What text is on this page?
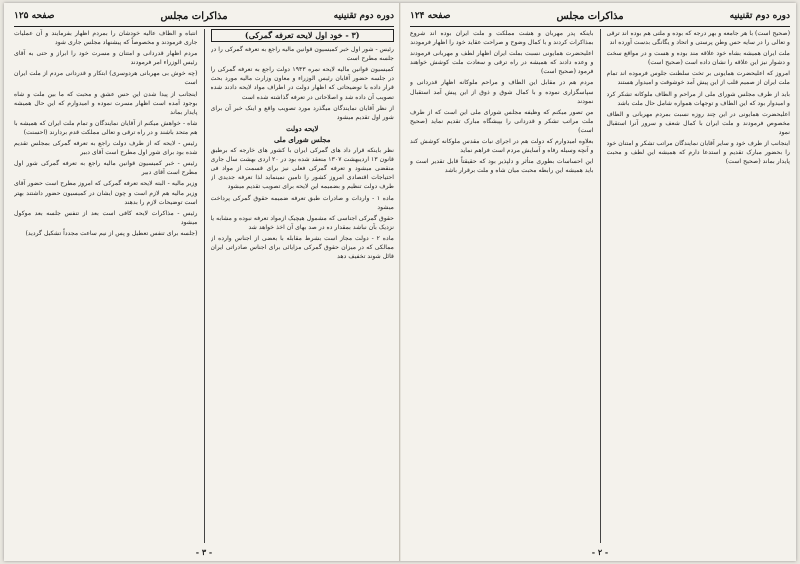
دوره دوم تقنینیه
مذاکرات مجلس
صفحه ۱۲۵
(۳ - خود اول لایحه تعرفه گمرکی)

رئیس - شور اول خبر کمیسیون قوانین مالیه راجع به تعرفه گمرکی را در جلسه مطرح است

کمیسیون قوانین مالیه لایحه نمره ۱۹۴۳ دولت راجع به تعرفه گمرکی را در جلسه حضور آقایان رئیس الوزراء و معاون وزارت مالیه مورد بحث قرار داده با توضیحاتی که اظهار دولت در اطراف مواد لایحه دادند شده تصویب آن داده شد و اصلاحاتی در تعرفه گذاشته شده است

از نظر آقایان نمایندگان میگذرد مورد تصویب واقع و اینک خبر آن برای شور اول تقدیم میشود

لایحه دولت
مجلس شورای ملی

نظر باینکه قرار داد های گمرکی ایران با کشور های خارجه که برطبق قانون ۱۳ اردیبهشت ۱۳۰۷ منعقد شده بود در ۲۰ اردی بهشت سال جاری منقضی میشود و تعرفه گمرکی فعلی نیز برای قسمت از مواد فی احتیاجات اقتصادی امروز کشور را تامین نمینماید لذا تعرفه جدیدی از طرف دولت تنظیم و بضمیمه این لایحه برای تصویب تقدیم میشود

ماده ۱ - واردات و صادرات طبق تعرفه ضمیمه حقوق گمرکی پرداخت میشود

حقوق گمرکی اجناسی که مشمول هیچیک ازمواد تعرفه نبوده و مشابه یا نزدیک بآن نباشد بمقدار ده در صد بهای آن اخذ خواهد شد

ماده ۲ - دولت مجاز است بشرط مقابله با بعضی از اجناس وارده از ممالکی که در میزان حقوق گمرکی مزایائی برای اجناس صادراتی ایران قائل شوند تخفیف دهد

انتباه و الطاف عالیه خودشان را بمردم اظهار بفرمایند و آن عملیات جاری فرمودند و مخصوصاً که پیشنهاد مجلس جاری شود

مردم اظهار قدردانی و امتنان و مسرت خود را ابراز و حتی به آقای رئیس الوزراء امر فرمودند

(چه خوش بی مهربانی هردوسری) ابتکار و قدردانی مردم از ملت ایران است

اینجانب از پیدا شدن این حس عشق و محبت که ما بین ملت و شاه بوجود آمده است اظهار مسرت نموده و امیدوارم که این حال همیشه پایدار بماند

شاه - خواهش میکنم از آقایان نمایندگان و تمام ملت ایران که همیشه با هم متحد باشند و در راه ترقی و تعالی مملکت قدم بردارند (احسنت)

رئیس - لایحه که از طرف دولت راجع به تعرفه گمرکی بمجلس تقدیم شده بود برای شور اول مطرح است آقای دبیر

رئیس - خبر کمیسیون قوانین مالیه راجع به تعرفه گمرکی شور اول مطرح است آقای دبیر

وزیر مالیه - البته لایحه تعرفه گمرکی که امروز مطرح است حضور آقای وزیر مالیه هم لازم است و چون ایشان در کمیسیون حضور داشتند بهتر است توضیحات لازم را بدهند

رئیس - مذاکرات لایحه کافی است بعد از تنفس جلسه بعد موکول میشود

(جلسه برای تنفس تعطیل و پس از نیم ساعت مجدداً تشکیل گردید)

- ۳ -
دوره دوم تقنینیه
مذاکرات مجلس
صفحه ۱۲۴

(صحیح است) با هر جامعه و بهر درجه که بوده و ملتی هم بوده اند ترقی و تعالی را در سایه حس وطن پرستی و اتحاد و یگانگی بدست آورده اند

ملت ایران همیشه بشاه خود علاقه مند بوده و هست و در مواقع سخت و دشوار نیز این علاقه را نشان داده است (صحیح است)

امروز که اعلیحضرت همایونی بر تخت سلطنت جلوس فرموده اند تمام ملت ایران از صمیم قلب از این پیش آمد خوشوقت و امیدوار هستند

باید از طرف مجلس شورای ملی از مراحم و الطاف ملوکانه تشکر کرد و امیدوار بود که این الطاف و توجهات همواره شامل حال ملت باشد

اعلیحضرت همایونی در این چند روزه نسبت بمردم مهربانی و الطاف مخصوص فرمودند و ملت ایران با کمال شعف و سرور آنرا استقبال نمود

اینجانب از طرف خود و سایر آقایان نمایندگان مراتب تشکر و امتنان خود را بحضور مبارک تقدیم و استدعا دارم که همیشه این لطف و محبت پایدار بماند (صحیح است)

باینکه پدر مهربان و هشت مملکت و ملت ایران بوده اند شروع بمذاکرات کردند و با کمال وضوح و صراحت عقاید خود را اظهار فرمودند

اعلیحضرت همایونی نسبت بملت ایران اظهار لطف و مهربانی فرمودند و وعده دادند که همیشه در راه ترقی و سعادت ملت کوشش خواهند فرمود (صحیح است)

مردم هم در مقابل این الطاف و مراحم ملوکانه اظهار قدردانی و سپاسگزاری نموده و با کمال شوق و ذوق از این پیش آمد استقبال نمودند

من تصور میکنم که وظیفه مجلس شورای ملی این است که از طرف ملت مراتب تشکر و قدردانی را بپیشگاه مبارک تقدیم نماید (صحیح است)

بعلاوه امیدوارم که دولت هم در اجرای نیات مقدس ملوکانه کوشش کند و آنچه وسیله رفاه و آسایش مردم است فراهم نماید

این احساسات بطوری متأثر و دلپذیر بود که حقیقتاً قابل تقدیر است و باید همیشه این رابطه محبت میان شاه و ملت برقرار باشد

- ۲ -
